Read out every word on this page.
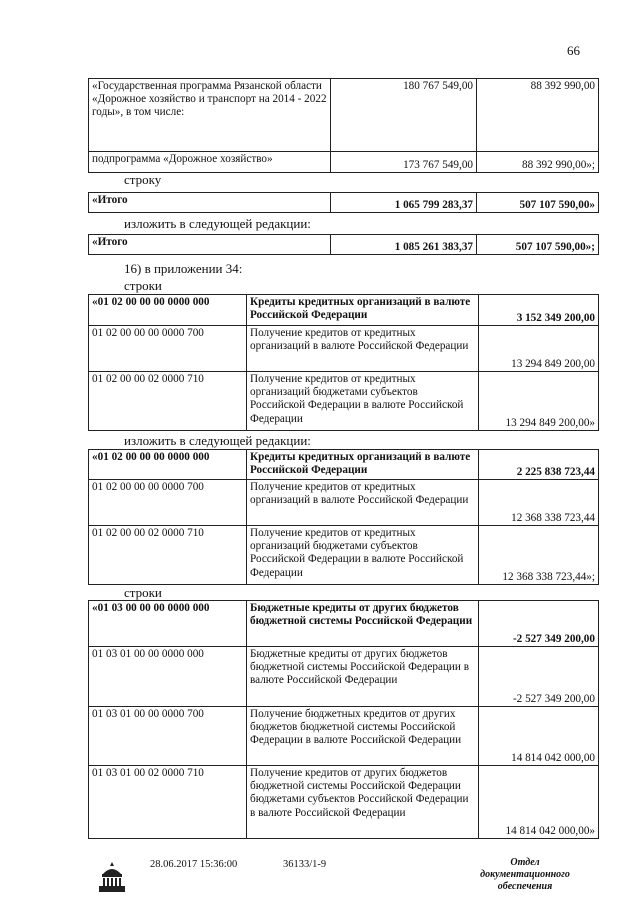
66
«Государственная программа Рязанской области «Дорожное хозяйство и транспорт на 2014 - 2022 годы», в том числе:	180 767 549,00	88 392 990,00
подпрограмма «Дорожное хозяйство»	173 767 549,00	88 392 990,00»;
строку
«Итого	1 065 799 283,37	507 107 590,00»
изложить в следующей редакции:
«Итого	1 085 261 383,37	507 107 590,00»;
16) в приложении 34:
строки
«01 02 00 00 00 0000 000	Кредиты кредитных организаций в валюте Российской Федерации	3 152 349 200,00
01 02 00 00 00 0000 700	Получение кредитов от кредитных организаций в валюте Российской Федерации	13 294 849 200,00
01 02 00 00 02 0000 710	Получение кредитов от кредитных организаций бюджетами субъектов Российской Федерации в валюте Российской Федерации	13 294 849 200,00»
изложить в следующей редакции:
«01 02 00 00 00 0000 000	Кредиты кредитных организаций в валюте Российской Федерации	2 225 838 723,44
01 02 00 00 00 0000 700	Получение кредитов от кредитных организаций в валюте Российской Федерации	12 368 338 723,44
01 02 00 00 02 0000 710	Получение кредитов от кредитных организаций бюджетами субъектов Российской Федерации в валюте Российской Федерации	12 368 338 723,44»;
строки
«01 03 00 00 00 0000 000	Бюджетные кредиты от других бюджетов бюджетной системы Российской Федерации	-2 527 349 200,00
01 03 01 00 00 0000 000	Бюджетные кредиты от других бюджетов бюджетной системы Российской Федерации в валюте Российской Федерации	-2 527 349 200,00
01 03 01 00 00 0000 700	Получение бюджетных кредитов от других бюджетов бюджетной системы Российской Федерации в валюте Российской Федерации	14 814 042 000,00
01 03 01 00 02 0000 710	Получение кредитов от других бюджетов бюджетной системы Российской Федерации бюджетами субъектов Российской Федерации в валюте Российской Федерации	14 814 042 000,00»
28.06.2017 15:36:00	36133/1-9	Отдел документационного
обеспечения
